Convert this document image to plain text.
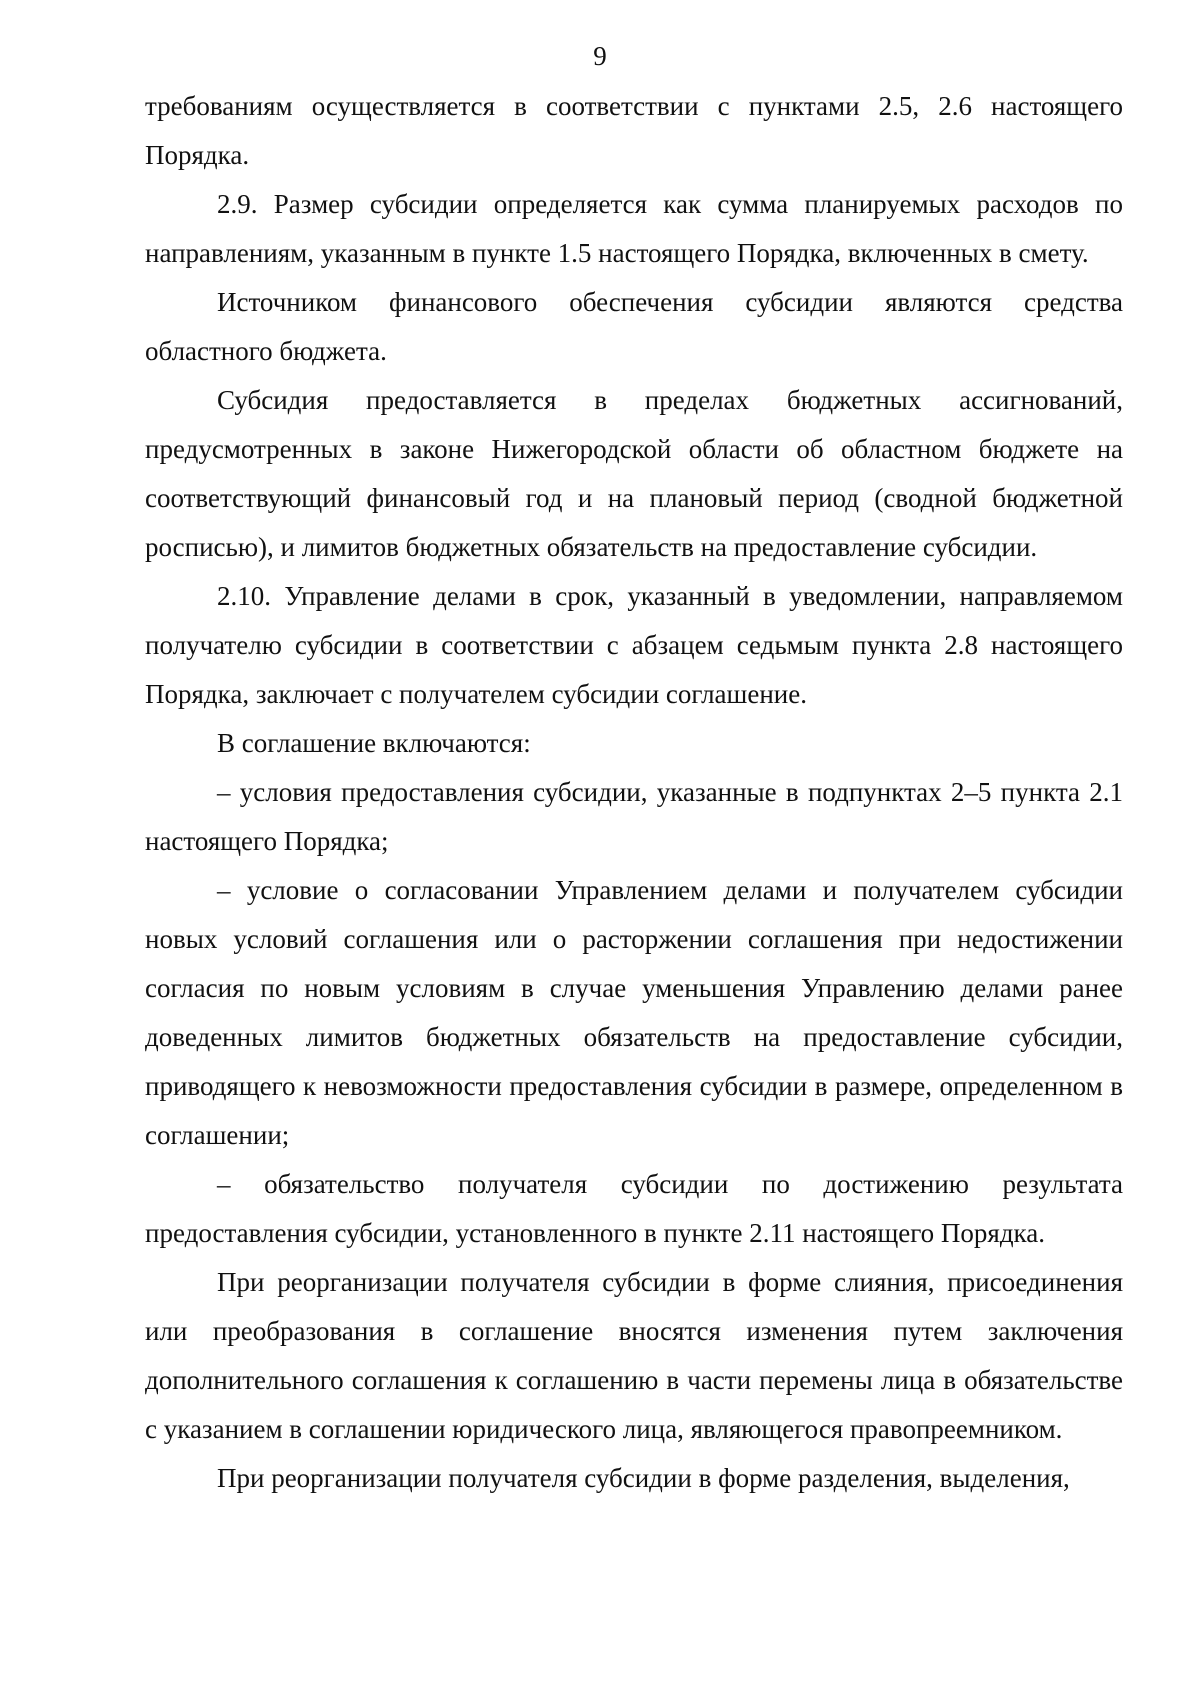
9

требованиям осуществляется в соответствии с пунктами 2.5, 2.6 настоящего Порядка.

2.9. Размер субсидии определяется как сумма планируемых расходов по направлениям, указанным в пункте 1.5 настоящего Порядка, включенных в смету.

Источником финансового обеспечения субсидии являются средства областного бюджета.

Субсидия предоставляется в пределах бюджетных ассигнований, предусмотренных в законе Нижегородской области об областном бюджете на соответствующий финансовый год и на плановый период (сводной бюджетной росписью), и лимитов бюджетных обязательств на предоставление субсидии.

2.10. Управление делами в срок, указанный в уведомлении, направляемом получателю субсидии в соответствии с абзацем седьмым пункта 2.8 настоящего Порядка, заключает с получателем субсидии соглашение.

В соглашение включаются:

– условия предоставления субсидии, указанные в подпунктах 2–5 пункта 2.1 настоящего Порядка;

– условие о согласовании Управлением делами и получателем субсидии новых условий соглашения или о расторжении соглашения при недостижении согласия по новым условиям в случае уменьшения Управлению делами ранее доведенных лимитов бюджетных обязательств на предоставление субсидии, приводящего к невозможности предоставления субсидии в размере, определенном в соглашении;

– обязательство получателя субсидии по достижению результата предоставления субсидии, установленного в пункте 2.11 настоящего Порядка.

При реорганизации получателя субсидии в форме слияния, присоединения или преобразования в соглашение вносятся изменения путем заключения дополнительного соглашения к соглашению в части перемены лица в обязательстве с указанием в соглашении юридического лица, являющегося правопреемником.

При реорганизации получателя субсидии в форме разделения, выделения,
